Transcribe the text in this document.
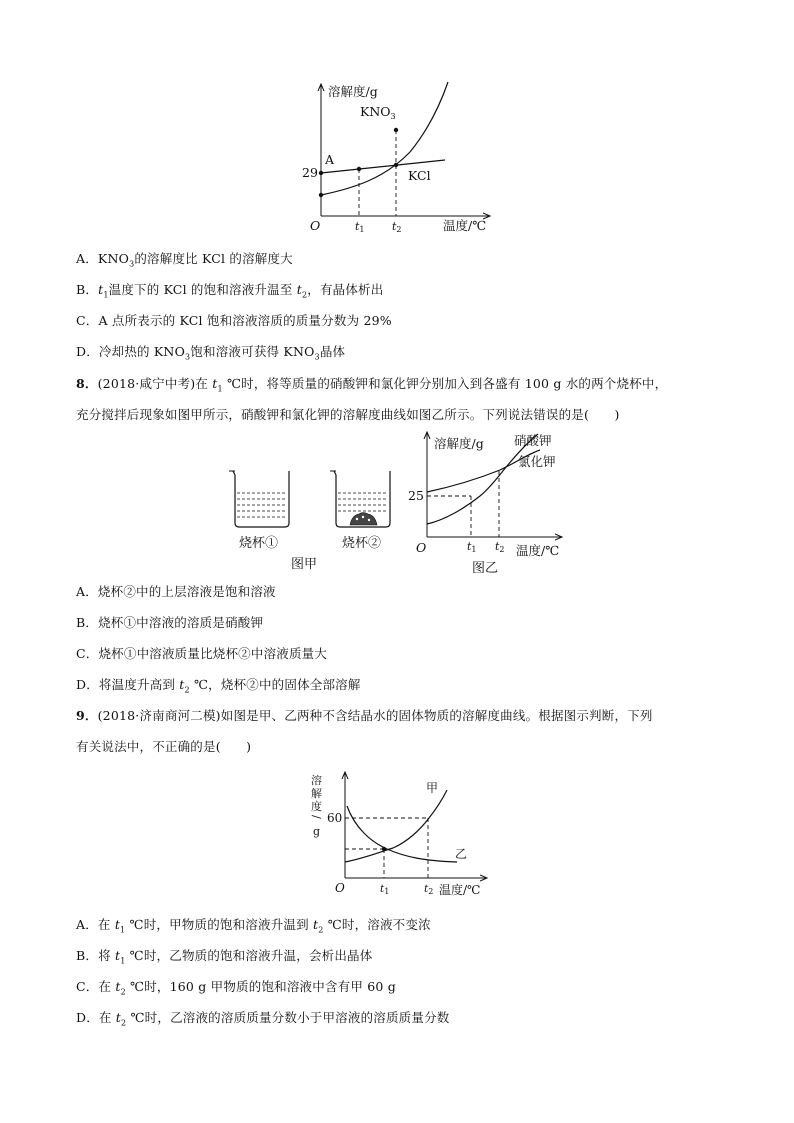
溶解度/g
$KNO_3$
KCl
A
29
O	t1 t2	温度/℃
A．$KNO_3$的溶解度比 KCl 的溶解度大
B．$t_1$温度下的 KCl 的饱和溶液升温至 $t_2$，有晶体析出
C．A 点所表示的 KCl 饱和溶液溶质的质量分数为 29%
D．冷却热的 $KNO_3$饱和溶液可获得 $KNO_3$晶体
8．(2018·咸宁中考)在 $t_1$ ℃时，将等质量的硝酸钾和氯化钾分别加入到各盛有 100 g 水的两个烧杯中，
充分搅拌后现象如图甲所示，硝酸钾和氯化钾的溶解度曲线如图乙所示。下列说法错误的是(　　)
烧杯①	烧杯②
图甲
溶解度/g 硝酸钾
氯化钾
25
O	t1 t2 温度/℃
图乙
A．烧杯②中的上层溶液是饱和溶液
B．烧杯①中溶液的溶质是硝酸钾
C．烧杯①中溶液质量比烧杯②中溶液质量大
D．将温度升高到 $t_2$ ℃，烧杯②中的固体全部溶解
9．(2018·济南商河二模)如图是甲、乙两种不含结晶水的固体物质的溶解度曲线。根据图示判断，下列
有关说法中，不正确的是(　　)
溶
解
度
/
g
60
甲
乙
O	t1	t2 温度/℃
A．在 $t_1$ ℃时，甲物质的饱和溶液升温到 $t_2$ ℃时，溶液不变浓
B．将 $t_1$ ℃时，乙物质的饱和溶液升温，会析出晶体
C．在 $t_2$ ℃时，160 g 甲物质的饱和溶液中含有甲 60 g
D．在 $t_2$ ℃时，乙溶液的溶质质量分数小于甲溶液的溶质质量分数
